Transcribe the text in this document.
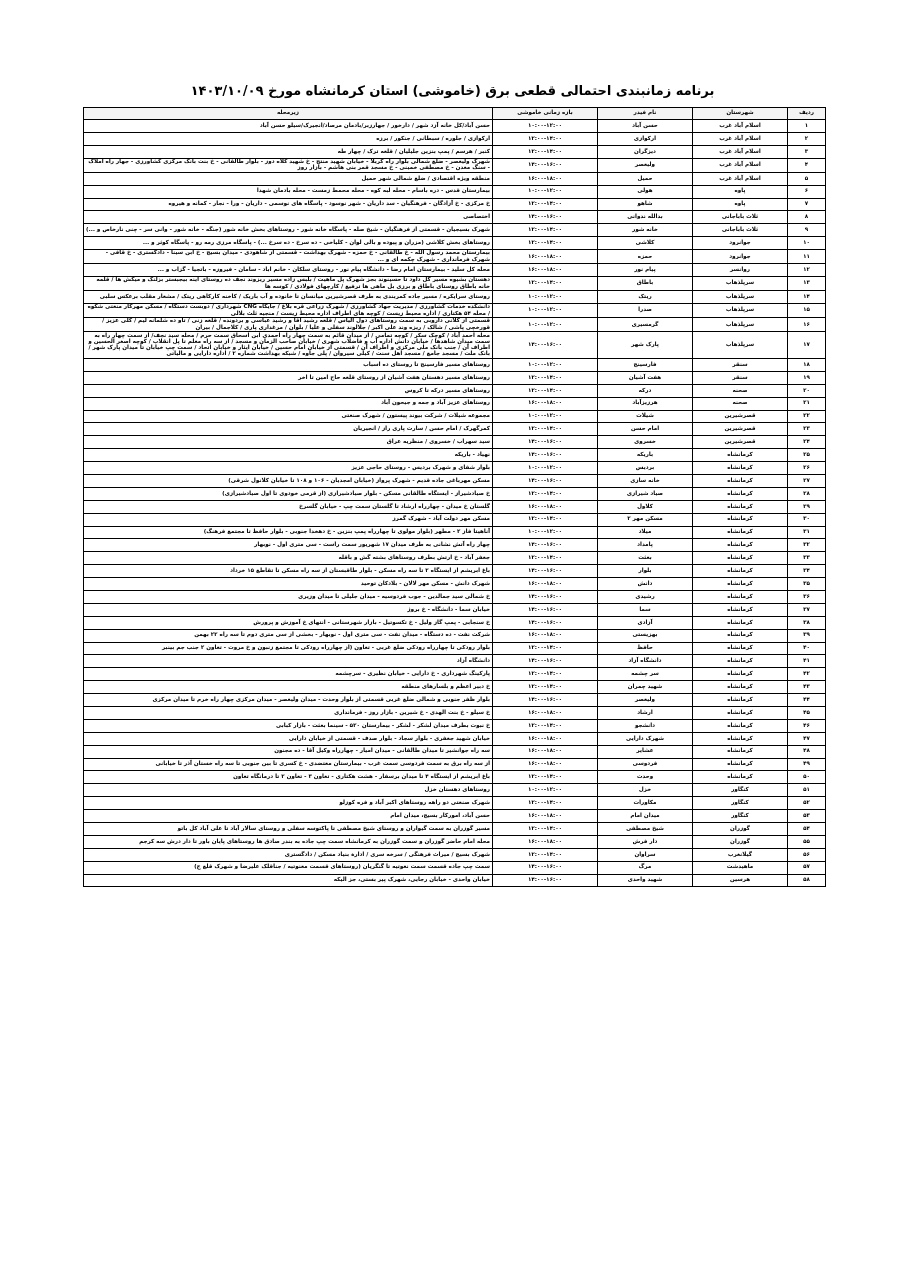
برنامه زمانبندی احتمالی قطعی برق (خاموشی) استان کرمانشاه مورخ ۱۴۰۳/۱۰/۰۹
ردیف	شهرستان	نام فیدر	بازه زمانی خاموشی	زیرمحله
۱	اسلام آباد غرب	حسن آباد	۱۰:۰۰-۱۲:۰۰	حسن آباد/کل خانه آزد شهر / دارخور / جهارزبر/بادمان مرصاد/انجیرک/سیلو حسن آباد
۲	اسلام آباد غرب	ارکوازی	۱۲:۰۰-۱۴:۰۰	ارکوازی / جلوره / سبطانی / جنکور / برزه
۳	اسلام آباد غرب	دیزگران	۱۲:۰۰-۱۴:۰۰	کنبر / هرسم / پمپ بنزین جلیلیان / قلعه ترک / چهار طه
۴	اسلام آباد غرب	ولیعصر	۱۴:۰۰-۱۶:۰۰	شهرک ولیعصر - ضلع شمالی بلوار راه کربلا - خیابان شهید منتج - خ شهید کلاه دوز - بلوار طالقانی - خ بنت بانک مرکزی کشاورزی - جهار راه املاک - سنگ معدن - خ مصطفی خمینی - خ مسجد قمر بنی هاشم - بازار روز
۵	اسلام آباد غرب	حمیل	۱۶:۰۰-۱۸:۰۰	منطقه ویژه اقتصادی / ضلع شمالی شهر حمیل
۶	پاوه	هولی	۱۰:۰۰-۱۲:۰۰	بیمارستان قدس - دره باسام - محله لبه کوه - محله محمط زمست - محله بادمان شهدا
۷	پاوه	شاهو	۱۲:۰۰-۱۴:۰۰	خ مرکزی - خ آزادگان - فرهنگیان - سد داریان - شهر نوسود - پاسگاه های نوسمی - داریان - ورا - نجار - کمانه و هیروه
۸	ثلاث باباجانی	بدالله ندوانی	۱۴:۰۰-۱۶:۰۰	اختصاصی
۹	ثلاث باباجانی	خانه شور	۱۲:۰۰-۱۴:۰۰	شهرک بسیجیان - قسمتی از فرهنگیان - شیخ صله - پاسگاه خانه شور - روستاهای بخش خانه شور (جنگه - خانه شور - وانی سر - چنی نارخاص و ...)
۱۰	جوانرود	کلاشی	۱۲:۰۰-۱۴:۰۰	روستاهای بخش کلاشی (مزران و پیوده و بالی لوان - کلیاخی - ده سرخ - ده سرخ ...) - پاسگاه مرزی رمه رو - پاسگاه کوثر و ...
۱۱	جوانرود	حمزه	۱۶:۰۰-۱۸:۰۰	بیمارستان محمد رسول الله - خ طالقانی - خ حمزه - شهرک بهداشت - قسمتی از شاهودی - میدان بسیج - خ ابن سینا - دادگستری - خ قافی - شهرک فرمانداری - شهرک چکمه ای و ...
۱۲	روانسر	پیام نور	۱۶:۰۰-۱۸:۰۰	محله کل سلید - بیمارستان امام رضا - دانشگاه پیام نور - روستای سلکان - خانم اباد - سامان - فیروزه - باتجیا - گزاب و ...
۱۳	سرپلذهاب	باطاق	۱۲:۰۰-۱۴:۰۰	دهستان بشیوه مسیر گل داود تا حسینوند بجز شهرک پل ماهیت / بلبس زاده مسیر ریزوند نجف ده روستای آینه بیجبستر بزلنک و میکش ها / قلمه خانه باطاق روستای باطاق و برزی بل ماهی ها ترفیع / کارچهای فولادی / کوسه ها
۱۴	سرپلذهاب	ریتک	۱۰:۰۰-۱۲:۰۰	روستای سرایکره / مسیر جاده کمربندی به طرف قصرشیرین میانسان تا خانوده و آب باریک / کاخنه کارکاهی ریتک / مشعار مقلب برعکس سلبی
۱۵	سرپلذهاب	صدرا	۱۰:۰۰-۱۲:۰۰	دانشکده خدمات کشاورزی / مدیریت جهاد کشاورزی / شهرک زراعی قره بلاغ / جایگاه CNG شهرداری / دوبست دستگاه / مسکن مهرکار منعتی شکوه / محله ۵۴ هکتاری / اداره محیط زیست / کوچه های اطراف اداره محیط زیست / منجیه ثلث بلالی
۱۶	سرپلذهاب	گرمسیری	۱۰:۰۰-۱۲:۰۰	قسمتی از کلانی داروبی به سمت روستاهای دول الیاس / قلعه رشید آقا و رشید عباسی و بردونده / قلعه زنی / تاو ده شلمانه لیم / کلی عزیز / قورخچی پاشی / شالک / ریزه وند علی اکبر / جلالوند سفلی و علیا / بلوان / مرغداری پاری / کلاجمال / بیران
۱۷	سرپلذهاب	پارک شهر	۱۴:۰۰-۱۶:۰۰	محله احمد آباد / کوچک سکر / کوچه تمامی / از میدان قائم به سمت چهار راه احمدی ابن اسحاق سمت حرم / محله سید نجف/ از سمت چهار راه به سمت میدان شاهدها / خیابان دانش اداره آب و فاضلاب شهری / خیابان صاحب الزمان و مسجد / از سه راه معلم تا پل انقلاب / کوچه اصغر الحسین و اطراف آن / جنب بانک ملی مرکزی و اطراف آن / قسمتی از خیابان امام حسین / خیابان ایثار و خیابان اتحاد / سمت چپ خیابان تا میدان پارک شهر / بانک ملت / مسجد جامع / مسجد اهل سنت / کیلی سیروان / پلی جاوه / شبکه بهداشت شماره ۲ / اداره دارایی و مالیاتی
۱۸	سنقر	فارسینج	۱۰:۰۰-۱۲:۰۰	روستاهای مسیر فارسینج تا روستای ده اسباب
۱۹	سنقر	هفت آشیان	۱۲:۰۰-۱۴:۰۰	روستاهای مسیر دهستان هفت آشیان از روستای قلعه حاج امین تا اخر
۲۰	صحنه	درکه	۱۲:۰۰-۱۴:۰۰	روستاهای مسیر درکه تا کروس
۲۱	صحنه	هرزیزآباد	۱۶:۰۰-۱۸:۰۰	روستاهای عزیز آباد و جمه و جیحون آباد
۲۲	قصرشیرین	شیلات	۱۰:۰۰-۱۲:۰۰	مجموعه شیلات / شرکت بیوند پیستون / شهرک صنعتی
۲۳	قصرشیرین	امام حسن	۱۲:۰۰-۱۴:۰۰	کمرگهرک / امام حسن / سارت پاری راز / انجیریان
۲۴	قصرشیرین	خسروی	۱۴:۰۰-۱۶:۰۰	سید سهراب / خسروی / منظریه عراق
۲۵	کرمانشاه	باریکه	۱۴:۰۰-۱۶:۰۰	نهیاد - باریکه
۲۶	کرمانشاه	بردیس	۱۰:۰۰-۱۲:۰۰	بلوار شفای و شهرک بردیس - روستای حاجی عزیز
۲۷	کرمانشاه	خانه سازی	۱۴:۰۰-۱۶:۰۰	مسکن مهرباغی جاده قدیم - شهرک پرواز (خیابان امجدیان - ۱۰۶ و ۱۰۸ تا خیابان کلانول شرقی)
۲۸	کرمانشاه	صیاد شیرازی	۱۲:۰۰-۱۴:۰۰	خ صیادشیراز - ایستگاه طالقانی مسکن - بلوار صیادشیرازی (از قرمی خودوی تا اول صیادشیرازی)
۲۹	کرمانشاه	کلاول	۱۶:۰۰-۱۸:۰۰	گلستان خ میدان - چهارراه ارشاد تا گلستان سمت چپ - خیابان گلسرخ
۳۰	کرمانشاه	مسکن مهر ۲	۱۲:۰۰-۱۴:۰۰	مسکن مهر دولت آباد - شهرک گمرز
۳۱	کرمانشاه	میلاد	۱۰:۰۰-۱۲:۰۰	آناهیتا فاز ۲ - مطهر (بلوار مولوی تا چهارراه پمپ بنزین - خ دهخدا جنوبی - بلوار حافظ تا مجتمع فرهنگ)
۳۲	کرمانشاه	پامداد	۱۴:۰۰-۱۶:۰۰	چهار راه آتش نشانی به طرف میدان ۱۷ شهریور سمت راست - سی متری اول - نوبهار
۳۳	کرمانشاه	بعثت	۱۲:۰۰-۱۴:۰۰	جعفر آباد - خ ارتش بطرف روستاهای بشته گش و باقله
۳۴	کرمانشاه	بلوار	۱۴:۰۰-۱۶:۰۰	باغ ابریشم از ایستگاه ۲ تا سه راه مسکن - بلوار طاقبستان از سه راه مسکن تا تقاطع ۱۵ خرداد
۳۵	کرمانشاه	دانش	۱۶:۰۰-۱۸:۰۰	شهرک دانش - مسکن مهر لالان - بلادکان توحید
۳۶	کرمانشاه	رشیدی	۱۴:۰۰-۱۶:۰۰	خ شمالی سید جمالدین - جوب فردوسیه - میدان جلیلی تا میدان وزیری
۳۷	کرمانشاه	سما	۱۴:۰۰-۱۶:۰۰	خیابان سما - دانشگاه - خ بروژ
۳۸	کرمانشاه	آزادی	۱۴:۰۰-۱۶:۰۰	خ سنجابی - پمپ گاز ولیل - خ تکسوتیل - بازار شهرستانی - انتهای خ آموزش و پرورش
۳۹	کرمانشاه	بهزیستی	۱۶:۰۰-۱۸:۰۰	شرکت نفت - ده دستگاه - میدان نفت - سی متری اول - نوبهار - بخشی از سی متری دوم تا سه راه ۲۲ بهمن
۴۰	کرمانشاه	حافظ	۱۲:۰۰-۱۴:۰۰	بلوار رودکی تا چهارراه رودکی ضلع غربی - تعاون (از چهارراه رودکی تا مجتمع زنبون و خ مروت - تعاون ۲ جنب جم بینبر
۴۱	کرمانشاه	دانشگاه آزاد	۱۴:۰۰-۱۶:۰۰	دانشگاه آزاد
۴۲	کرمانشاه	سر چشمه	۱۲:۰۰-۱۴:۰۰	پارکینگ شهرداری - خ دارایی - خیابان نظیری - سرچشمه
۴۳	کرمانشاه	شهید چمران	۱۲:۰۰-۱۴:۰۰	خ دبیر اعظم و بلسارهای منطقه
۴۴	کرمانشاه	ولیعصر	۱۴:۰۰-۱۶:۰۰	بلوار ظفر جنوبی و شمالی ضلع غربی قسمتی از بلوار وحدت - میدان ولیعصر - میدان مرکزی چهار راه خرم تا میدان مرکزی
۴۵	کرمانشاه	ارشاد	۱۶:۰۰-۱۸:۰۰	خ سیلو - خ بنت الهدی - خ شیرین - بازار روز - فرمانداری
۴۶	کرمانشاه	دانشجو	۱۲:۰۰-۱۴:۰۰	خ نبوت بطرف میدان لشکر - لشکر - بیمارستان ۵۲۰ - سینما بعثت - بازار کبابی
۴۷	کرمانشاه	شهرک دارایی	۱۶:۰۰-۱۸:۰۰	خیابان شهید جعفری - بلوار سجاد - بلوار صدف - قسمتی از خیابان دارایی
۴۸	کرمانشاه	عشایر	۱۶:۰۰-۱۸:۰۰	سه راه جوانشیر تا میدان طالقانی - میدان امیار - چهارراه وکیل آقا - ده مجنون
۴۹	کرمانشاه	فردوسی	۱۶:۰۰-۱۸:۰۰	از سه راه برق به سمت فردوسی سمت غرب - بیمارستان معتضدی - خ کسری تا بین جنوبی تا سه راه خستان آذر تا خیابانی
۵۰	کرمانشاه	وحدت	۱۲:۰۰-۱۴:۰۰	باغ ابریشم از ایستگاه ۴ تا میدان برسفار - هشت هکتاری - تعاون ۳ - تعاون ۲ تا درمانگاه تعاون
۵۱	کنگاور	خزل	۱۰:۰۰-۱۲:۰۰	روستاهای دهستان خزل
۵۲	کنگاور	مکاورات	۱۲:۰۰-۱۴:۰۰	شهرک صنعتی دو راهه روستاهای اکبر آباد و فره کوزلو
۵۳	کنگاور	میدان امام	۱۶:۰۰-۱۸:۰۰	حسن آباد، امورکار بسیج، میدان امام
۵۴	گوزران	شیخ مصطفی	۱۲:۰۰-۱۴:۰۰	مسیر گوزران به سمت گیواران و روستای شیخ مصطفی تا پاکتوسه سفلی و روستای سالار آباد تا علی آباد کل باتو
۵۵	گوزران	دار فرش	۱۶:۰۰-۱۸:۰۰	محله امام حاضر گوزران و سمت گوزران به کرمانشاه سمت چپ جاده به بندر صادق ها روستاهای پایان باور تا دار درش سه کرجم
۵۶	گیلانغرب	سراوان	۱۲:۰۰-۱۴:۰۰	شهرک بسیج / میراث فرهنگی / سرخه سری / ادارة بنیاد مسکن / دادگستری
۵۷	ماهیدشت	مرگ	۱۴:۰۰-۱۶:۰۰	سمت چپ جاده قسمت سمت نعوتیه تا گنگریان (روستاهای قسمت معنوتیه / جناقلک علیرضا و شهرک قلع ج)
۵۸	هرسین	شهید واحدی	۱۴:۰۰-۱۶:۰۰	خیابان واحدی - خیابان رجایی، شهرک پیر بستی، جز الیکه
